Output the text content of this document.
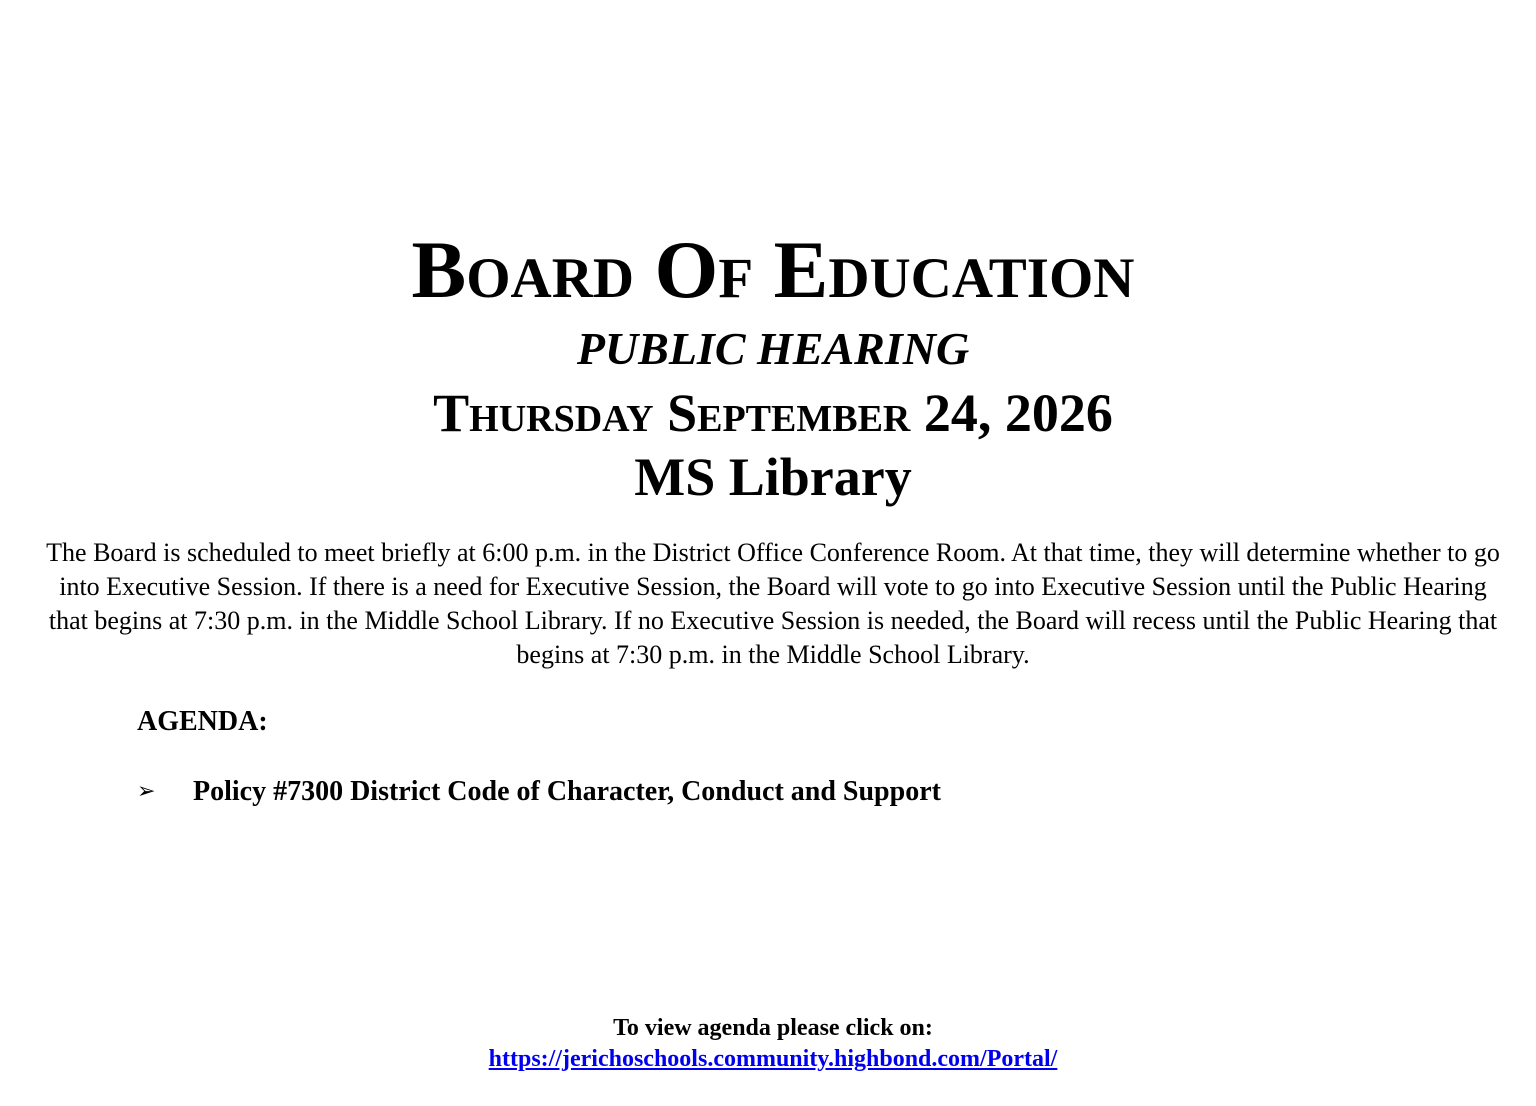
Board Of Education
PUBLIC HEARING
Thursday September 24, 2026
MS Library

The Board is scheduled to meet briefly at 6:00 p.m. in the District Office Conference Room. At that time, they will determine whether to go into Executive Session. If there is a need for Executive Session, the Board will vote to go into Executive Session until the Public Hearing that begins at 7:30 p.m. in the Middle School Library. If no Executive Session is needed, the Board will recess until the Public Hearing that begins at 7:30 p.m. in the Middle School Library.

AGENDA:
➢	Policy #7300 District Code of Character, Conduct and Support
To view agenda please click on:
https://jerichoschools.community.highbond.com/Portal/
